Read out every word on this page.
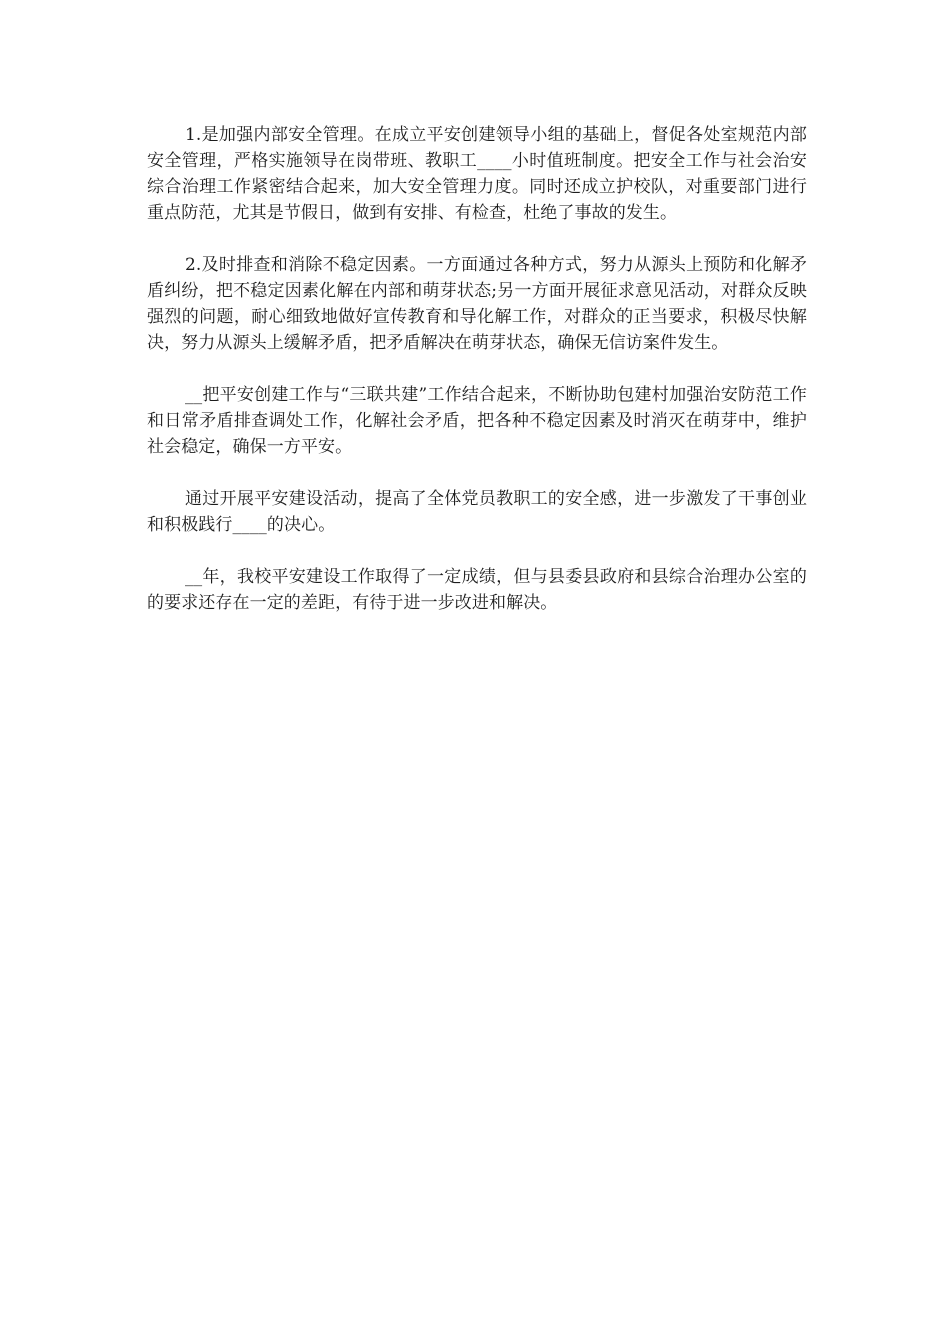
1.是加强内部安全管理。在成立平安创建领导小组的基础上，督促各处室规范内部安全管理，严格实施领导在岗带班、教职工____小时值班制度。把安全工作与社会治安综合治理工作紧密结合起来，加大安全管理力度。同时还成立护校队，对重要部门进行重点防范，尤其是节假日，做到有安排、有检查，杜绝了事故的发生。

2.及时排查和消除不稳定因素。一方面通过各种方式，努力从源头上预防和化解矛盾纠纷，把不稳定因素化解在内部和萌芽状态;另一方面开展征求意见活动，对群众反映强烈的问题，耐心细致地做好宣传教育和导化解工作，对群众的正当要求，积极尽快解决，努力从源头上缓解矛盾，把矛盾解决在萌芽状态，确保无信访案件发生。

__把平安创建工作与“三联共建”工作结合起来，不断协助包建村加强治安防范工作和日常矛盾排查调处工作，化解社会矛盾，把各种不稳定因素及时消灭在萌芽中，维护社会稳定，确保一方平安。

通过开展平安建设活动，提高了全体党员教职工的安全感，进一步激发了干事创业和积极践行____的决心。

__年，我校平安建设工作取得了一定成绩，但与县委县政府和县综合治理办公室的的要求还存在一定的差距，有待于进一步改进和解决。
